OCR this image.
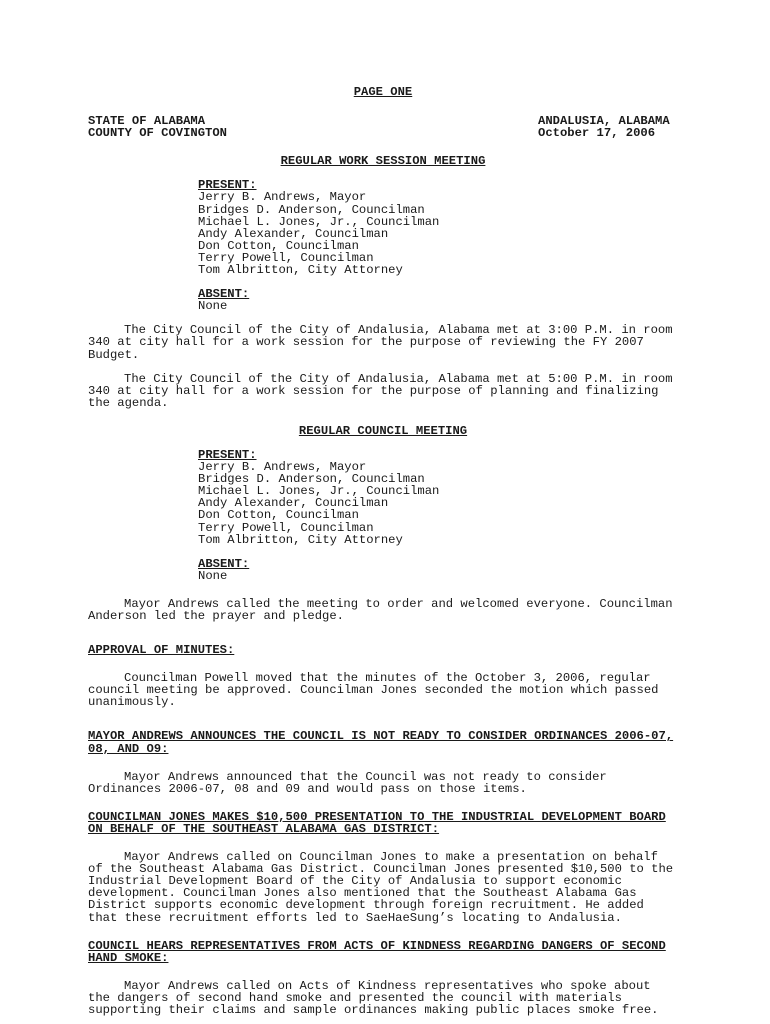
PAGE ONE
STATE OF ALABAMA
COUNTY OF COVINGTON
ANDALUSIA, ALABAMA
October 17, 2006
REGULAR WORK SESSION MEETING
PRESENT:
Jerry B. Andrews, Mayor
Bridges D. Anderson, Councilman
Michael L. Jones, Jr., Councilman
Andy Alexander, Councilman
Don Cotton, Councilman
Terry Powell, Councilman
Tom Albritton, City Attorney
ABSENT:
None

The City Council of the City of Andalusia, Alabama met at 3:00 P.M. in room 340 at city hall for a work session for the purpose of reviewing the FY 2007 Budget.

The City Council of the City of Andalusia, Alabama met at 5:00 P.M. in room 340 at city hall for a work session for the purpose of planning and finalizing the agenda.

REGULAR COUNCIL MEETING
PRESENT:
Jerry B. Andrews, Mayor
Bridges D. Anderson, Councilman
Michael L. Jones, Jr., Councilman
Andy Alexander, Councilman
Don Cotton, Councilman
Terry Powell, Councilman
Tom Albritton, City Attorney
ABSENT:
None

Mayor Andrews called the meeting to order and welcomed everyone. Councilman Anderson led the prayer and pledge.

APPROVAL OF MINUTES:

Councilman Powell moved that the minutes of the October 3, 2006, regular council meeting be approved. Councilman Jones seconded the motion which passed unanimously.

MAYOR ANDREWS ANNOUNCES THE COUNCIL IS NOT READY TO CONSIDER ORDINANCES 2006-07, 08, AND O9:

Mayor Andrews announced that the Council was not ready to consider Ordinances 2006-07, 08 and 09 and would pass on those items.

COUNCILMAN JONES MAKES $10,500 PRESENTATION TO THE INDUSTRIAL DEVELOPMENT BOARD ON BEHALF OF THE SOUTHEAST ALABAMA GAS DISTRICT:

Mayor Andrews called on Councilman Jones to make a presentation on behalf of the Southeast Alabama Gas District. Councilman Jones presented $10,500 to the Industrial Development Board of the City of Andalusia to support economic development. Councilman Jones also mentioned that the Southeast Alabama Gas District supports economic development through foreign recruitment. He added that these recruitment efforts led to SaeHaeSung’s locating to Andalusia.

COUNCIL HEARS REPRESENTATIVES FROM ACTS OF KINDNESS REGARDING DANGERS OF SECOND HAND SMOKE:

Mayor Andrews called on Acts of Kindness representatives who spoke about the dangers of second hand smoke and presented the council with materials supporting their claims and sample ordinances making public places smoke free.
